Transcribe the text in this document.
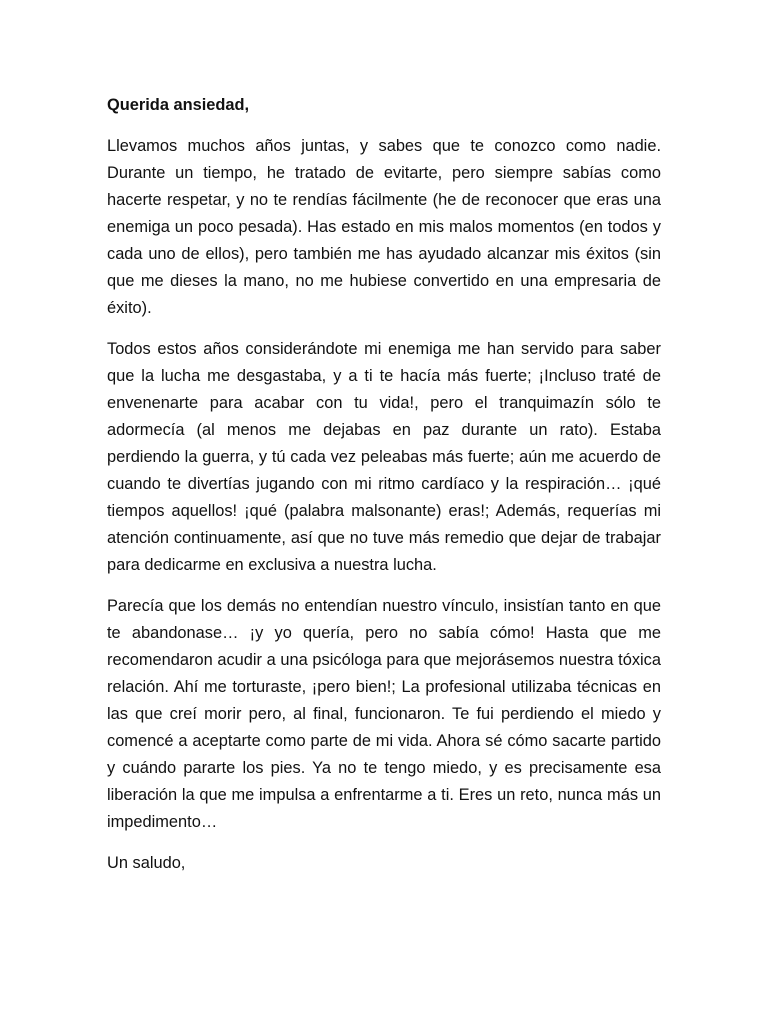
Querida ansiedad,

Llevamos muchos años juntas, y sabes que te conozco como nadie. Durante un tiempo, he tratado de evitarte, pero siempre sabías como hacerte respetar, y no te rendías fácilmente (he de reconocer que eras una enemiga un poco pesada). Has estado en mis malos momentos (en todos y cada uno de ellos), pero también me has ayudado alcanzar mis éxitos (sin que me dieses la mano, no me hubiese convertido en una empresaria de éxito).

Todos estos años considerándote mi enemiga me han servido para saber que la lucha me desgastaba, y a ti te hacía más fuerte; ¡Incluso traté de envenenarte para acabar con tu vida!, pero el tranquimazín sólo te adormecía (al menos me dejabas en paz durante un rato). Estaba perdiendo la guerra, y tú cada vez peleabas más fuerte; aún me acuerdo de cuando te divertías jugando con mi ritmo cardíaco y la respiración… ¡qué tiempos aquellos! ¡qué (palabra malsonante) eras!; Además, requerías mi atención continuamente, así que no tuve más remedio que dejar de trabajar para dedicarme en exclusiva a nuestra lucha.

Parecía que los demás no entendían nuestro vínculo, insistían tanto en que te abandonase… ¡y yo quería, pero no sabía cómo! Hasta que me recomendaron acudir a una psicóloga para que mejorásemos nuestra tóxica relación. Ahí me torturaste, ¡pero bien!; La profesional utilizaba técnicas en las que creí morir pero, al final, funcionaron. Te fui perdiendo el miedo y comencé a aceptarte como parte de mi vida. Ahora sé cómo sacarte partido y cuándo pararte los pies. Ya no te tengo miedo, y es precisamente esa liberación la que me impulsa a enfrentarme a ti. Eres un reto, nunca más un impedimento…

Un saludo,
